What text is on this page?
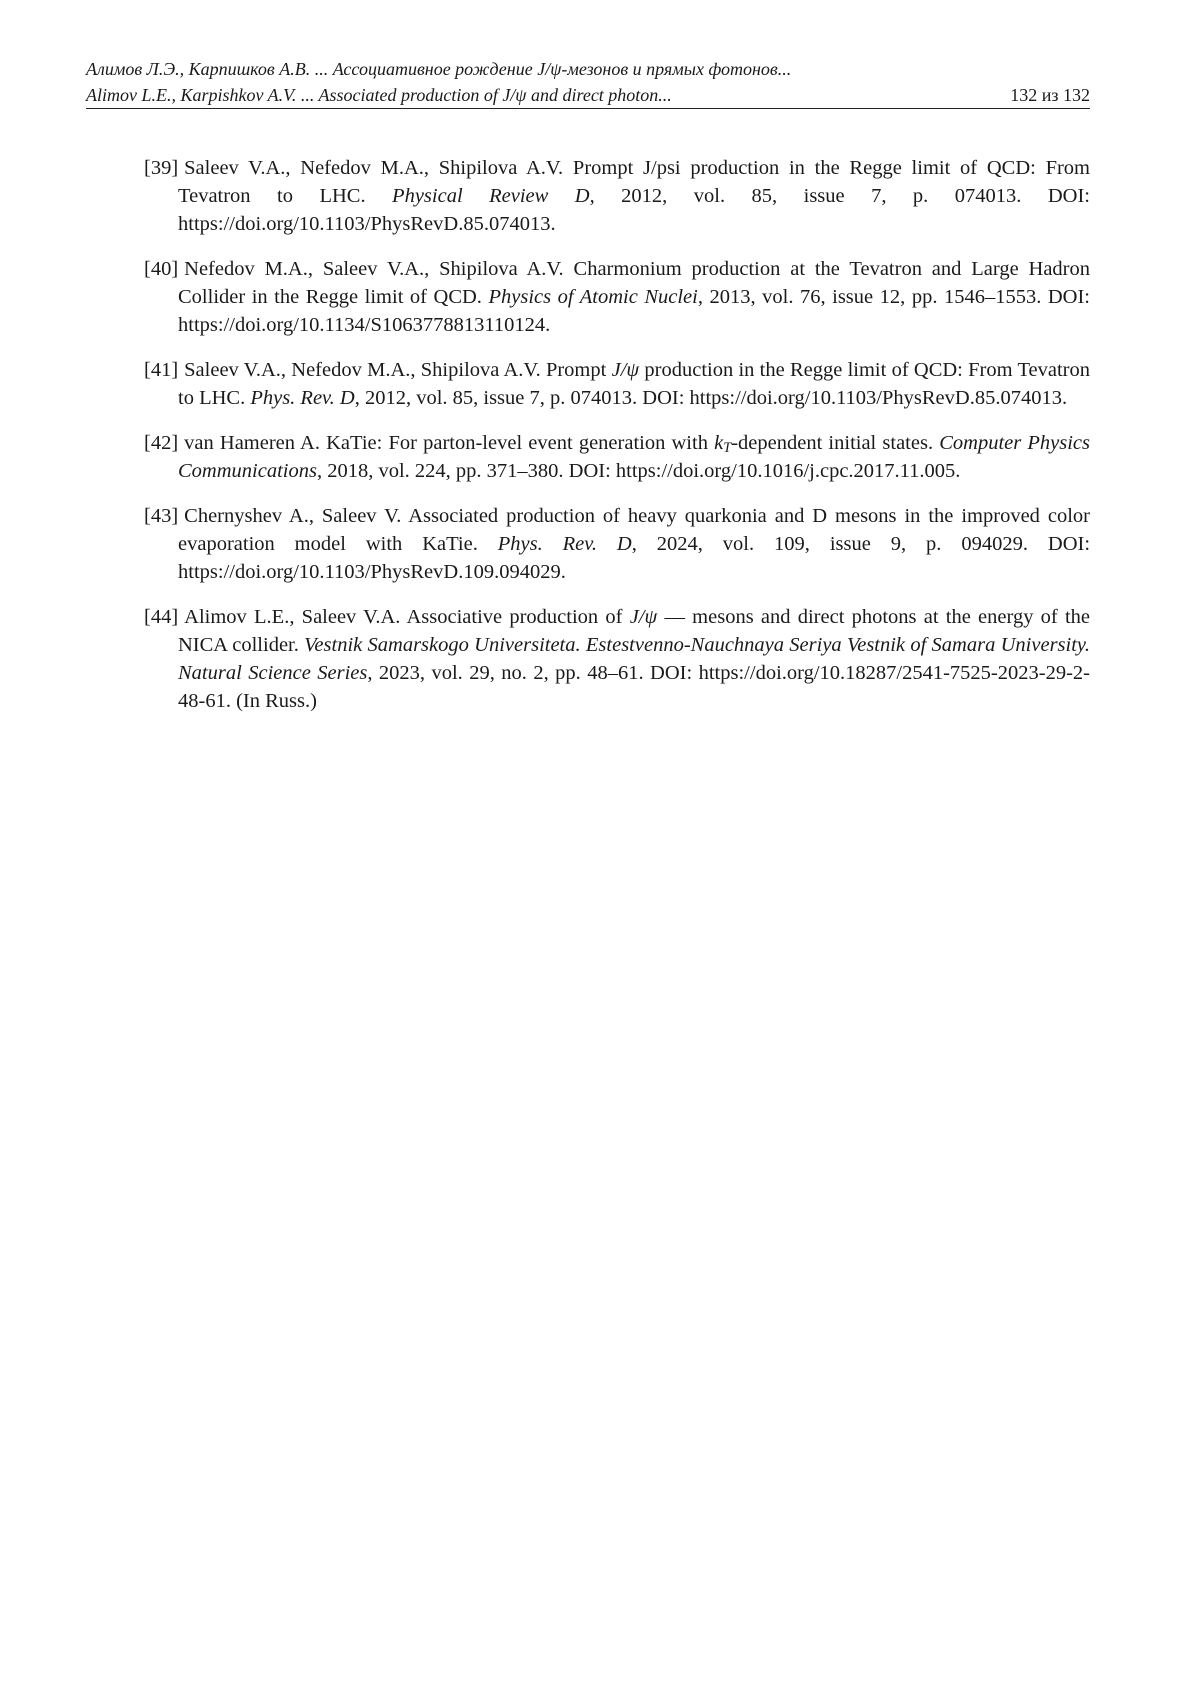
Алимов Л.Э., Карпишков А.В. ... Ассоциативное рождение J/ψ-мезонов и прямых фотонов...
Alimov L.E., Karpishkov A.V. ... Associated production of J/ψ and direct photon...	132 из 132
[39] Saleev V.A., Nefedov M.A., Shipilova A.V. Prompt J/psi production in the Regge limit of QCD: From Tevatron to LHC. Physical Review D, 2012, vol. 85, issue 7, p. 074013. DOI: https://doi.org/10.1103/PhysRevD.85.074013.
[40] Nefedov M.A., Saleev V.A., Shipilova A.V. Charmonium production at the Tevatron and Large Hadron Collider in the Regge limit of QCD. Physics of Atomic Nuclei, 2013, vol. 76, issue 12, pp. 1546–1553. DOI: https://doi.org/10.1134/S1063778813110124.
[41] Saleev V.A., Nefedov M.A., Shipilova A.V. Prompt J/ψ production in the Regge limit of QCD: From Tevatron to LHC. Phys. Rev. D, 2012, vol. 85, issue 7, p. 074013. DOI: https://doi.org/10.1103/PhysRevD.85.074013.
[42] van Hameren A. KaTie: For parton-level event generation with $k_T$-dependent initial states. Computer Physics Communications, 2018, vol. 224, pp. 371–380. DOI: https://doi.org/10.1016/j.cpc.2017.11.005.
[43] Chernyshev A., Saleev V. Associated production of heavy quarkonia and D mesons in the improved color evaporation model with KaTie. Phys. Rev. D, 2024, vol. 109, issue 9, p. 094029. DOI: https://doi.org/10.1103/PhysRevD.109.094029.
[44] Alimov L.E., Saleev V.A. Associative production of J/ψ — mesons and direct photons at the energy of the NICA collider. Vestnik Samarskogo Universiteta. Estestvenno-Nauchnaya Seriya Vestnik of Samara University. Natural Science Series, 2023, vol. 29, no. 2, pp. 48–61. DOI: https://doi.org/10.18287/2541-7525-2023-29-2-48-61. (In Russ.)
